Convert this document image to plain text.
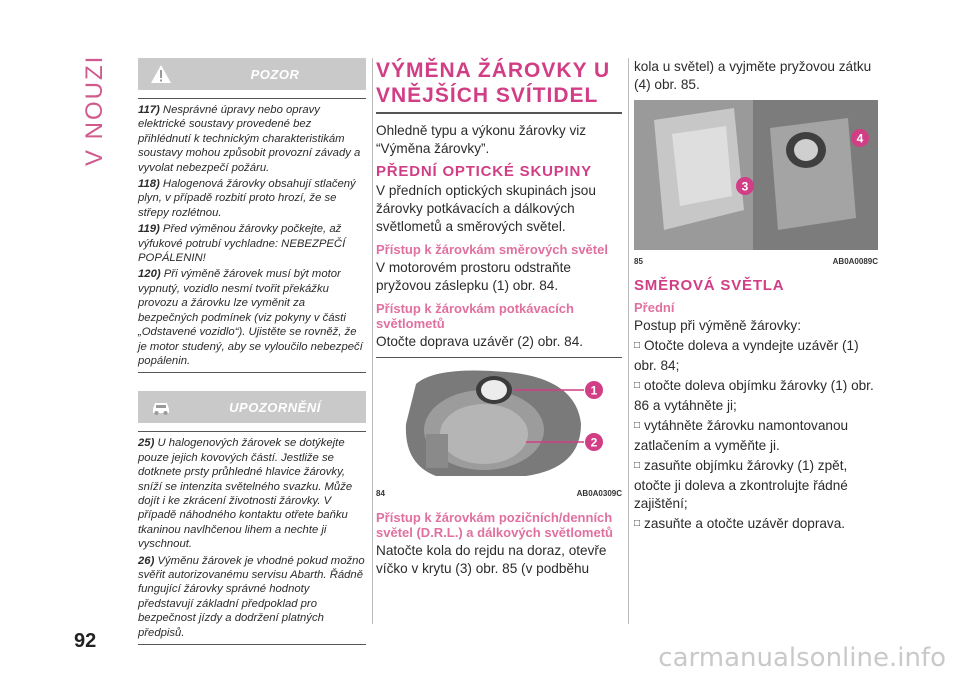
V NOUZI
92
POZOR

117) Nesprávné úpravy nebo opravy elektrické soustavy provedené bez přihlédnutí k technickým charakteristikám soustavy mohou způsobit provozní závady a vyvolat nebezpečí požáru.

118) Halogenová žárovky obsahují stlačený plyn, v případě rozbití proto hrozí, že se střepy rozlétnou.

119) Před výměnou žárovky počkejte, až výfukové potrubí vychladne: NEBEZPEČÍ POPÁLENIN!

120) Při výměně žárovek musí být motor vypnutý, vozidlo nesmí tvořit překážku provozu a žárovku lze vyměnit za bezpečných podmínek (viz pokyny v části „Odstavené vozidlo“). Ujistěte se rovněž, že je motor studený, aby se vyloučilo nebezpečí popálenin.

UPOZORNĚNÍ

25) U halogenových žárovek se dotýkejte pouze jejich kovových částí. Jestliže se dotknete prsty průhledné hlavice žárovky, sníží se intenzita světelného svazku. Může dojít i ke zkrácení životnosti žárovky. V případě náhodného kontaktu otřete baňku tkaninou navlhčenou lihem a nechte ji vyschnout.

26) Výměnu žárovek je vhodné pokud možno svěřit autorizovanému servisu Abarth. Řádně fungující žárovky správné hodnoty představují základní předpoklad pro bezpečnost jízdy a dodržení platných předpisů.

VÝMĚNA ŽÁROVKY U
VNĚJŠÍCH SVÍTIDEL

Ohledně typu a výkonu žárovky viz “Výměna žárovky”.

PŘEDNÍ OPTICKÉ SKUPINY

V předních optických skupinách jsou žárovky potkávacích a dálkových světlometů a směrových světel.

Přístup k žárovkám směrových světel

V motorovém prostoru odstraňte pryžovou záslepku (1) obr. 84.

Přístup k žárovkám potkávacích světlometů

Otočte doprava uzávěr (2) obr. 84.

1
2
84	AB0A0309C
Přístup k žárovkám pozičních/denních světel (D.R.L.) a dálkových světlometů

Natočte kola do rejdu na doraz, otevře víčko v krytu (3) obr. 85 (v podběhu

kola u světel) a vyjměte pryžovou zátku (4) obr. 85.

3
4
85	AB0A0089C
SMĚROVÁ SVĚTLA
Přední

Postup při výměně žárovky:

□ Otočte doleva a vyndejte uzávěr (1) obr. 84;

□ otočte doleva objímku žárovky (1) obr. 86 a vytáhněte ji;

□ vytáhněte žárovku namontovanou zatlačením a vyměňte ji.

□ zasuňte objímku žárovky (1) zpět, otočte ji doleva a zkontrolujte řádné zajištění;

□ zasuňte a otočte uzávěr doprava.

carmanualsonline.info
